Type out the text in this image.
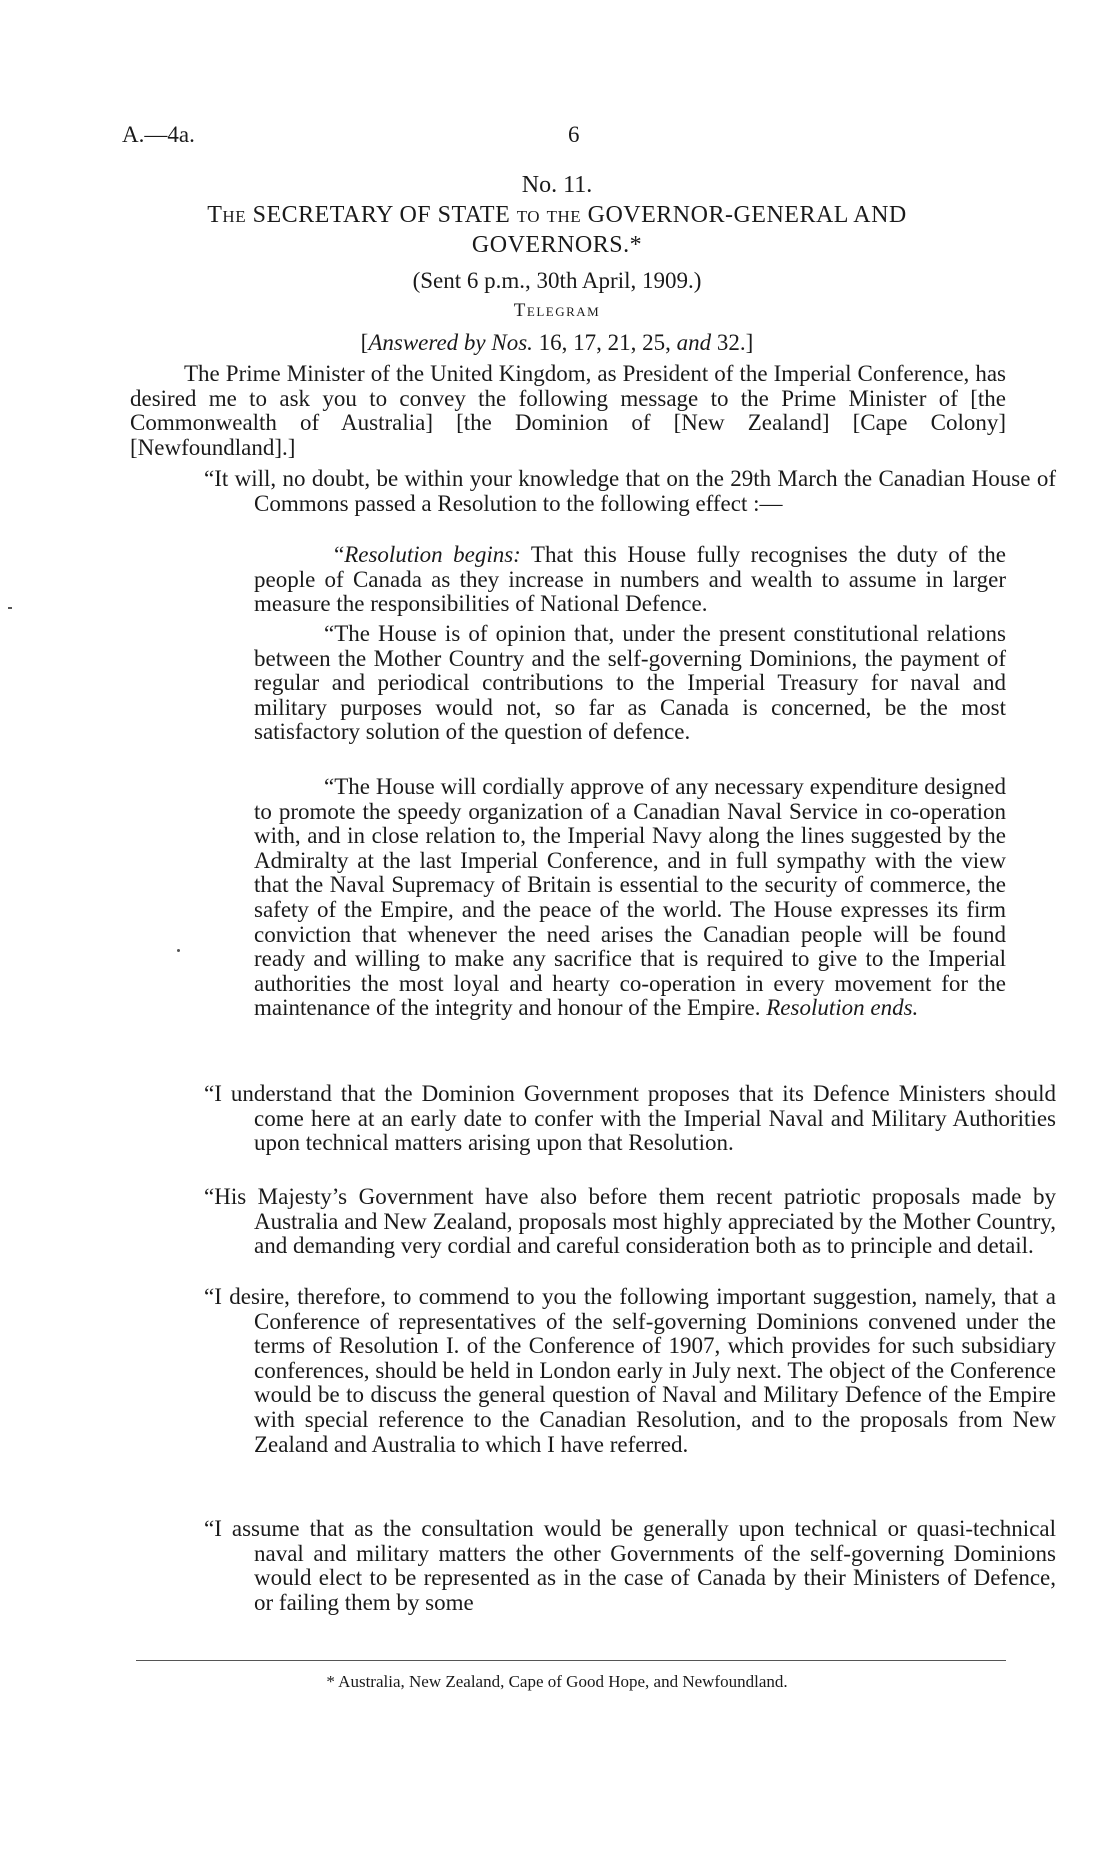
A.—4a.	6
No. 11.
The SECRETARY OF STATE to the GOVERNOR-GENERAL AND
GOVERNORS.*
(Sent 6 p.m., 30th April, 1909.)
Telegram
[Answered by Nos. 16, 17, 21, 25, and 32.]
The Prime Minister of the United Kingdom, as President of the Imperial Conference, has desired me to ask you to convey the following message to the Prime Minister of [the Commonwealth of Australia] [the Dominion of [New Zealand] [Cape Colony] [Newfoundland].]
“It will, no doubt, be within your knowledge that on the 29th March the Canadian House of Commons passed a Resolution to the following effect :—
“Resolution begins: That this House fully recognises the duty of the people of Canada as they increase in numbers and wealth to assume in larger measure the responsibilities of National Defence.
“The House is of opinion that, under the present constitutional relations between the Mother Country and the self-governing Dominions, the payment of regular and periodical contributions to the Imperial Treasury for naval and military purposes would not, so far as Canada is concerned, be the most satisfactory solution of the question of defence.
“The House will cordially approve of any necessary expenditure designed to promote the speedy organization of a Canadian Naval Service in co-operation with, and in close relation to, the Imperial Navy along the lines suggested by the Admiralty at the last Imperial Conference, and in full sympathy with the view that the Naval Supremacy of Britain is essential to the security of commerce, the safety of the Empire, and the peace of the world. The House expresses its firm conviction that whenever the need arises the Canadian people will be found ready and willing to make any sacrifice that is required to give to the Imperial authorities the most loyal and hearty co-operation in every movement for the maintenance of the integrity and honour of the Empire. Resolution ends.
“I understand that the Dominion Government proposes that its Defence Ministers should come here at an early date to confer with the Imperial Naval and Military Authorities upon technical matters arising upon that Resolution.
“His Majesty’s Government have also before them recent patriotic proposals made by Australia and New Zealand, proposals most highly appreciated by the Mother Country, and demanding very cordial and careful consideration both as to principle and detail.
“I desire, therefore, to commend to you the following important suggestion, namely, that a Conference of representatives of the self-governing Dominions convened under the terms of Resolution I. of the Conference of 1907, which provides for such subsidiary conferences, should be held in London early in July next. The object of the Conference would be to discuss the general question of Naval and Military Defence of the Empire with special reference to the Canadian Resolution, and to the proposals from New Zealand and Australia to which I have referred.
“I assume that as the consultation would be generally upon technical or quasi-technical naval and military matters the other Governments of the self-governing Dominions would elect to be represented as in the case of Canada by their Ministers of Defence, or failing them by some
* Australia, New Zealand, Cape of Good Hope, and Newfoundland.
